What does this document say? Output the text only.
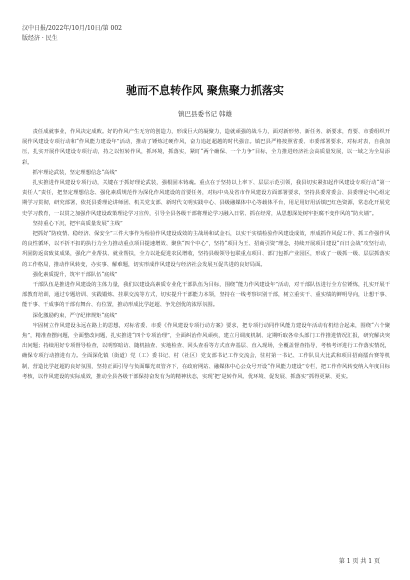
汉中日报/2022年/10月/10日/第 002
版经济 · 民生
驰而不息转作风 聚焦聚力抓落实
镇巴县委书记 韩雄

责任成就事业，作风决定成败。好的作风产生无穷的创造力，形成巨大的凝聚力，造就顽强的战斗力，面对新形势、新任务、新要求，育要、市委组织开展作风建设专项行动和“作风能力建设年”活动，推动了锤炼过硬作风，奋力追赶超越的时代强音。镇巴县严格按照省委、市委部署要求，对标对表，自我加压，扎实开展作风建设专项行动，持之以恒转作风，抓环境，抓落实，紧盯“两个确保、一个力争”目标，全力推进经济社会高质量发展，以一域之为全局添彩。

抓牢理论武装，坚定理想信念“高线”

扎实推进作风建设专项行动，关键在于抓好理论武装，强根固本铸魂。重点在于坚持以上率下、层层示范引领，我县切实紧扣起作风建设专项行动“第一责任人”责任，把坚定理想信念、强化素质规范作为深化作风建设的首要任务，对标中央及省市作风建设方面部署要求，坚持县委常委会、县委理论中心组定期学习贯彻，研究部署，依托县委理论讲师团、机关党支部、新时代文明实践中心、县级融媒体中心等载体平台，用足用好用活镇巴红色资源，常态化开展党史学习教育，一以贯之加强作风建设政策理论学习宣传，引导全县各级干部将理论学习融入日常、抓在经常，从思想深处树牢拒腐不变作风的“防火墙”。

坚持重心下沉，把牢高质量发展“主线”

把抓好“防疫情、稳经济、保安全”三件大事作为检验作风建设成效的主战场和试金石，以实干实绩检验作风建设成效，形成抓作风促工作、抓工作强作风的良性循环，以不折不扣的执行力全力推动重点项目提速增效、聚焦“四个中心”，坚持“项目为王、招商引资”理念，持续开展项目建设“百日会战”攻坚行动，巩固防返贫致贫成果，强化产业帮扶、就业帮扶，全力以赴促进农民增收，坚持县级领导包联重点项目、部门包抓产业园区，形成了一级抓一级、层层抓落实的工作格局，推动作风转变，办实事、解难题，切实形成作风建设与经济社会发展互促共进的良好局面。

强化素质提升，筑牢干部队伍“底线”

干部队伍是推进作风建设的主体力量，我们以建设高素质专业化干部队伍为目标，围绕“能力作风建设年”活动，对干部队伍进行全方位锤炼，扎实开展干部教育培训，通过专题培训、实践锻炼、挂职交流等方式，切实提升干部能力本领，坚持在一线考察识别干部，树立重实干、重实绩的鲜明导向，让想干事、能干事、干成事的干部有舞台、有位置，推动形成比学赶超、争先创优的浓厚氛围。

深化激励约束，严守纪律规矩“底线”

牢固树立作风建设永远在路上的思想，对标省委、市委《作风建设专项行动方案》要求，把专项行动同作风能力建设年活动有机结合起来，围绕“六个聚焦”，精准查摆问题，全面整改问题，扎实推进“四个专项治理”，全面纠治作风顽疾，建立月调度机制、定期听取各牵头部门工作推进情况汇报，研究解决突出问题；持续用好专项督导检查，以明察暗访、随机抽查、实地检查、回头查看等方式直奔基层、直入现场，全覆盖督查指导，考核考评进行工作落实情况，确保专项行动推进有力。全面深化镇（街道）党（工）委书记、村（社区）党支部书记工作交流会，驻村第一书记、工作队员大比武和项目招商擂台赛等机制，营造比学赶超的良好氛围，坚持正面引导与负面曝光双管齐下，在政府网站、融媒体中心公众号开设“作风能力建设”专栏，把工作作风转变纳入年度目标考核，以作风建设的实际成效，推动全县各级干部保持奋发有为的精神状态，实现‘把’是转作风、优环境、促发展、抓落实”抓得更紧、更实。

第 1 页 共 1 页
